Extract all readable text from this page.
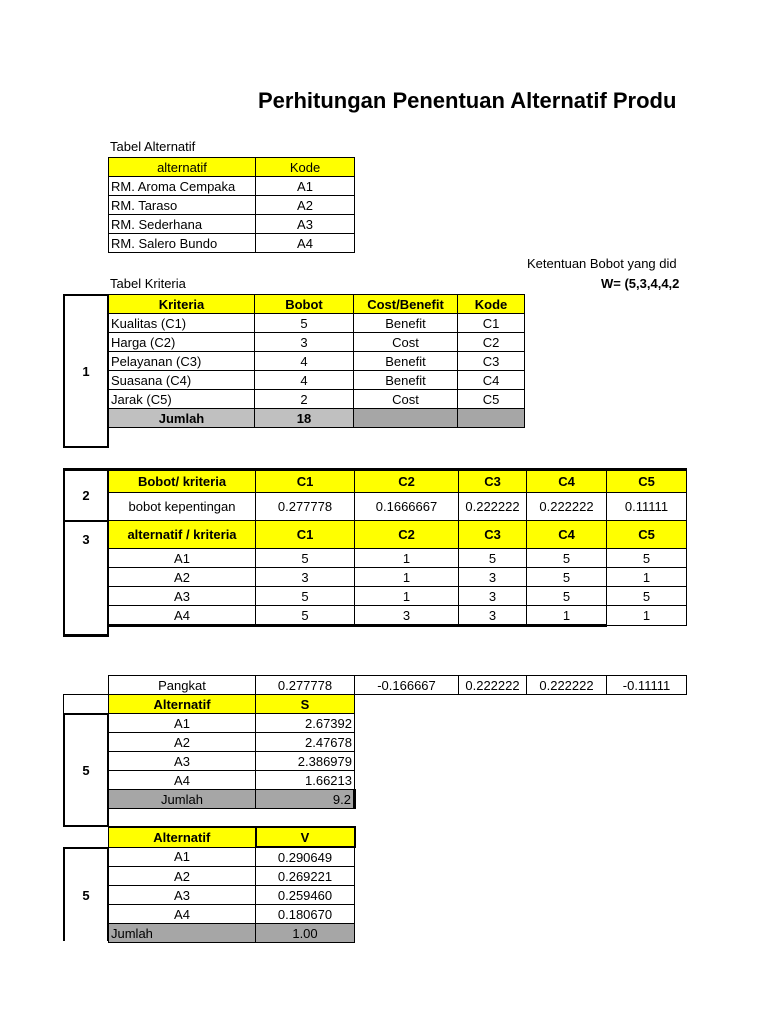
Perhitungan Penentuan Alternatif Produ
Tabel Alternatif
alternatif	Kode
RM. Aroma Cempaka	A1
RM. Taraso	A2
RM. Sederhana	A3
RM. Salero Bundo	A4
Ketentuan Bobot yang did
W= (5,3,4,4,2
Tabel Kriteria
1
Kriteria	Bobot	Cost/Benefit	Kode
Kualitas (C1)	5	Benefit	C1
Harga (C2)	3	Cost	C2
Pelayanan (C3)	4	Benefit	C3
Suasana (C4)	4	Benefit	C4
Jarak (C5)	2	Cost	C5
Jumlah	18		
2
3
Bobot/ kriteria	C1	C2	C3	C4	C5
bobot kepentingan	0.277778	0.1666667	0.222222	0.222222	0.11111
alternatif / kriteria	C1	C2	C3	C4	C5
A1	5	1	5	5	5
A2	3	1	3	5	1
A3	5	1	3	5	5
A4	5	3	3	1	1
Pangkat	0.277778	-0.166667	0.222222	0.222222	-0.11111
5
Alternatif	S
A1	2.67392
A2	2.47678
A3	2.386979
A4	1.66213
Jumlah	9.2
5
Alternatif	V
A1	0.290649
A2	0.269221
A3	0.259460
A4	0.180670
Jumlah	1.00
